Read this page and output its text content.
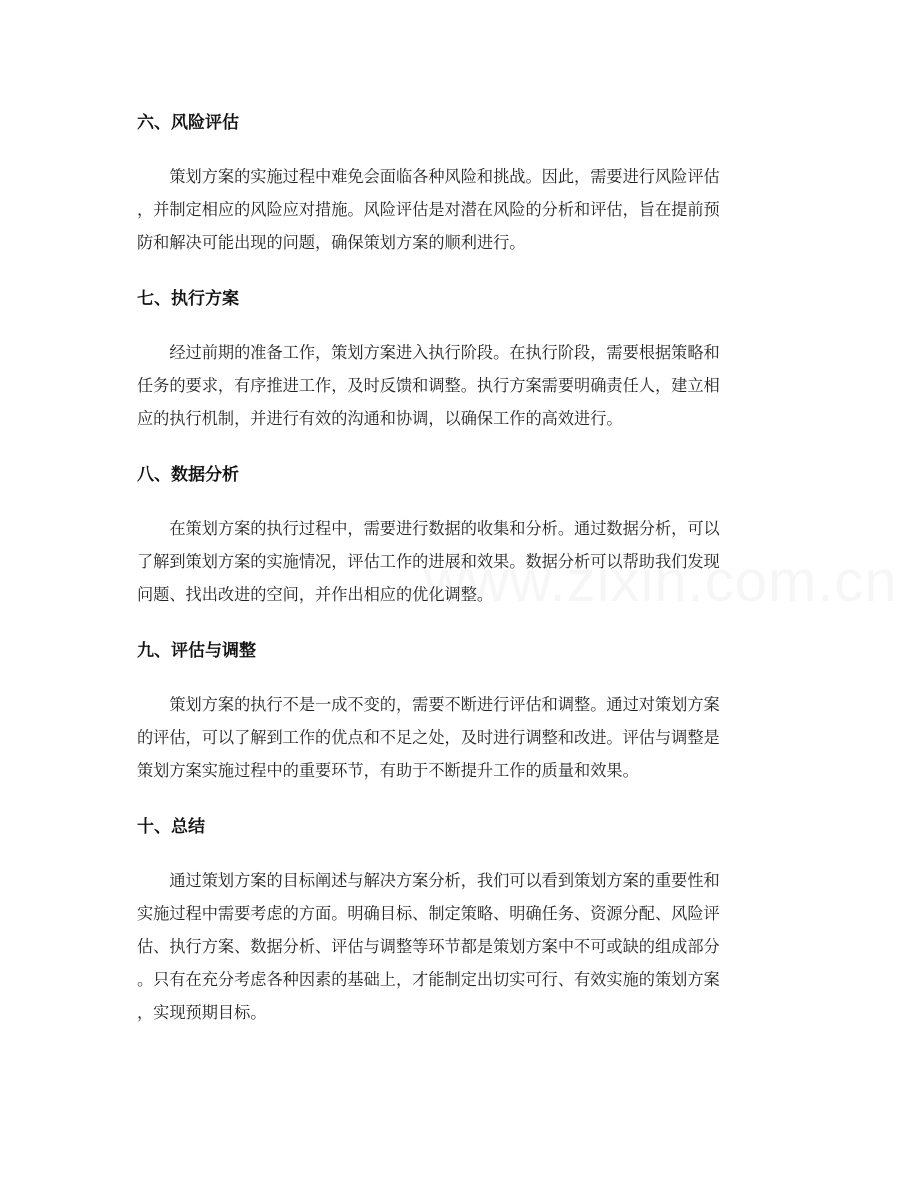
六、风险评估
　　策划方案的实施过程中难免会面临各种风险和挑战。因此，需要进行风险评估
，并制定相应的风险应对措施。风险评估是对潜在风险的分析和评估，旨在提前预
防和解决可能出现的问题，确保策划方案的顺利进行。
七、执行方案
　　经过前期的准备工作，策划方案进入执行阶段。在执行阶段，需要根据策略和
任务的要求，有序推进工作，及时反馈和调整。执行方案需要明确责任人，建立相
应的执行机制，并进行有效的沟通和协调，以确保工作的高效进行。
八、数据分析
　　在策划方案的执行过程中，需要进行数据的收集和分析。通过数据分析，可以
了解到策划方案的实施情况，评估工作的进展和效果。数据分析可以帮助我们发现
问题、找出改进的空间，并作出相应的优化调整。
九、评估与调整
　　策划方案的执行不是一成不变的，需要不断进行评估和调整。通过对策划方案
的评估，可以了解到工作的优点和不足之处，及时进行调整和改进。评估与调整是
策划方案实施过程中的重要环节，有助于不断提升工作的质量和效果。
十、总结
　　通过策划方案的目标阐述与解决方案分析，我们可以看到策划方案的重要性和
实施过程中需要考虑的方面。明确目标、制定策略、明确任务、资源分配、风险评
估、执行方案、数据分析、评估与调整等环节都是策划方案中不可或缺的组成部分
。只有在充分考虑各种因素的基础上，才能制定出切实可行、有效实施的策划方案
，实现预期目标。
